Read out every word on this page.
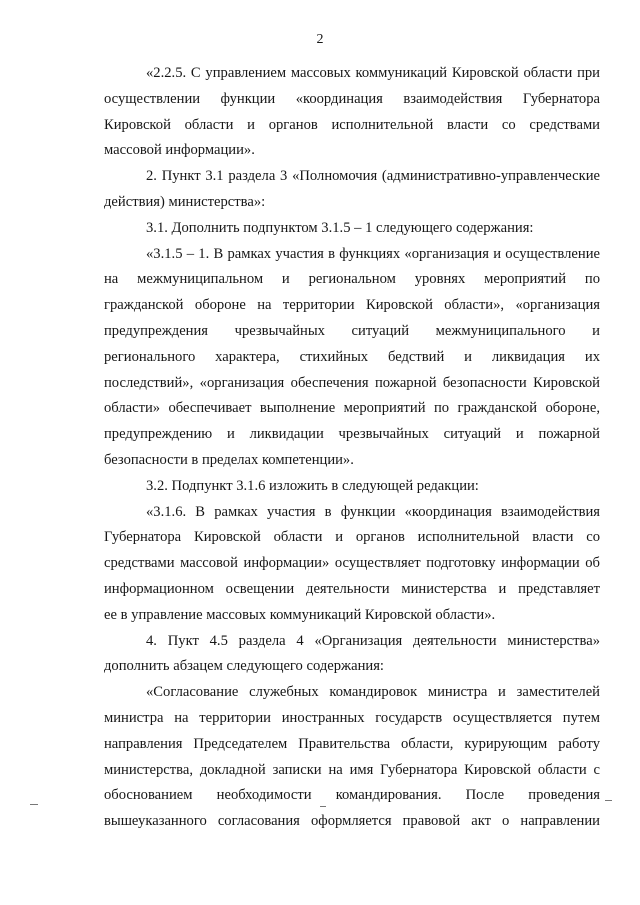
2
«2.2.5. С управлением массовых коммуникаций Кировской области при
осуществлении функции «координация взаимодействия Губернатора
Кировской области и органов исполнительной власти со средствами
массовой информации».
2. Пункт 3.1 раздела 3 «Полномочия (административно-управленческие
действия) министерства»:
3.1. Дополнить подпунктом 3.1.5 – 1 следующего содержания:
«3.1.5 – 1. В рамках участия в функциях «организация и осуществление
на межмуниципальном и региональном уровнях мероприятий по
гражданской обороне на территории Кировской области», «организация
предупреждения чрезвычайных ситуаций межмуниципального и
регионального характера, стихийных бедствий и ликвидация их
последствий», «организация обеспечения пожарной безопасности Кировской
области» обеспечивает выполнение мероприятий по гражданской обороне,
предупреждению и ликвидации чрезвычайных ситуаций и пожарной
безопасности в пределах компетенции».
3.2. Подпункт 3.1.6 изложить в следующей редакции:
«3.1.6. В рамках участия в функции «координация взаимодействия
Губернатора Кировской области и органов исполнительной власти со
средствами массовой информации» осуществляет подготовку информации об
информационном освещении деятельности министерства и представляет
ее в управление массовых коммуникаций Кировской области».
4. Пукт 4.5 раздела 4 «Организация деятельности министерства»
дополнить абзацем следующего содержания:
«Согласование служебных командировок министра и заместителей
министра на территории иностранных государств осуществляется путем
направления Председателем Правительства области, курирующим работу
министерства, докладной записки на имя Губернатора Кировской области с
обоснованием необходимости командирования. После проведения
вышеуказанного согласования оформляется правовой акт о направлении
